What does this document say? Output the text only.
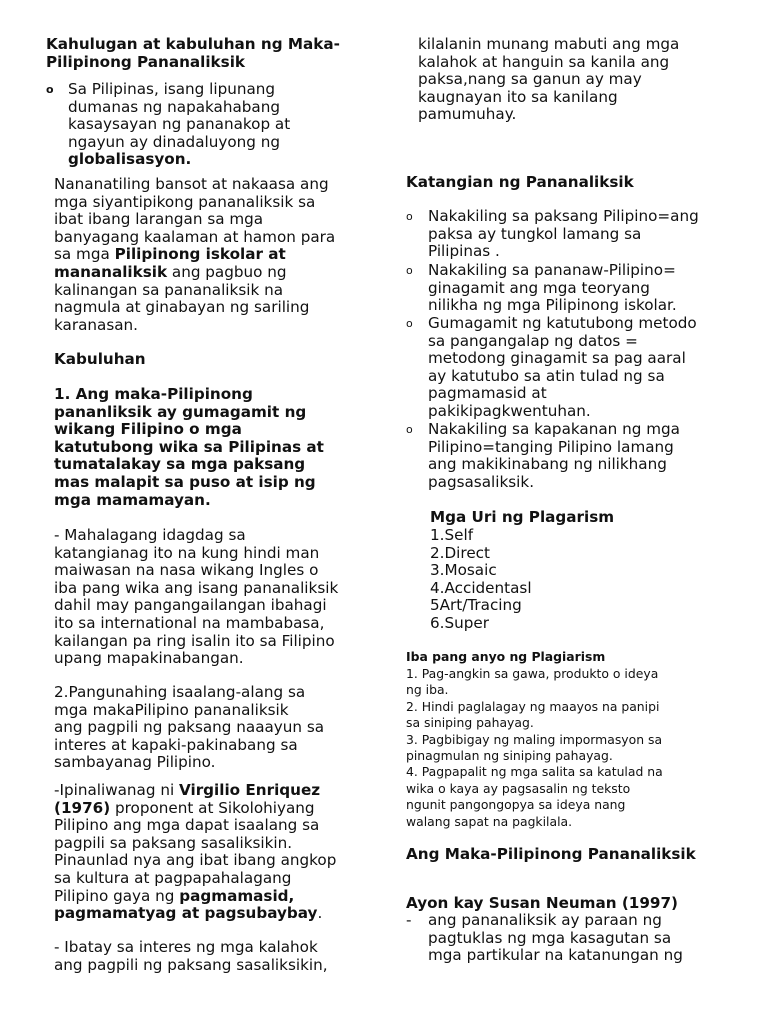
Kahulugan at kabuluhan ng Maka-
Pilipinong Pananaliksik

o Sa Pilipinas, isang lipunang
dumanas ng napakahabang
kasaysayan ng pananakop at
ngayun ay dinadaluyong ng
globalisasyon.

Nananatiling bansot at nakaasa ang
mga siyantipikong pananaliksik sa
ibat ibang larangan sa mga
banyagang kaalaman at hamon para
sa mga Pilipinong iskolar at
mananaliksik ang pagbuo ng
kalinangan sa pananaliksik na
nagmula at ginabayan ng sariling
karanasan.

Kabuluhan

1. Ang maka-Pilipinong
pananliksik ay gumagamit ng
wikang Filipino o mga
katutubong wika sa Pilipinas at
tumatalakay sa mga paksang
mas malapit sa puso at isip ng
mga mamamayan.

- Mahalagang idagdag sa
katangianag ito na kung hindi man
maiwasan na nasa wikang Ingles o
iba pang wika ang isang pananaliksik
dahil may pangangailangan ibahagi
ito sa international na mambabasa,
kailangan pa ring isalin ito sa Filipino
upang mapakinabangan.

2.Pangunahing isaalang-alang sa
mga makaPilipino pananaliksik
ang pagpili ng paksang naaayun sa
interes at kapaki-pakinabang sa
sambayanag Pilipino.

-Ipinaliwanag ni Virgilio Enriquez
(1976) proponent at Sikolohiyang
Pilipino ang mga dapat isaalang sa
pagpili sa paksang sasaliksikin.
Pinaunlad nya ang ibat ibang angkop
sa kultura at pagpapahalagang
Pilipino gaya ng pagmamasid,
pagmamatyag at pagsubaybay.

- Ibatay sa interes ng mga kalahok
ang pagpili ng paksang sasaliksikin,

kilalanin munang mabuti ang mga
kalahok at hanguin sa kanila ang
paksa,nang sa ganun ay may
kaugnayan ito sa kanilang
pamumuhay.

Katangian ng Pananaliksik

o	Nakakiling sa paksang Pilipino=ang
paksa ay tungkol lamang sa
Pilipinas .
o	Nakakiling sa pananaw-Pilipino=
ginagamit ang mga teoryang
nilikha ng mga Pilipinong iskolar.
o	Gumagamit ng katutubong metodo
sa pangangalap ng datos =
metodong ginagamit sa pag aaral
ay katutubo sa atin tulad ng sa
pagmamasid at
pakikipagkwentuhan.
o	Nakakiling sa kapakanan ng mga
Pilipino=tanging Pilipino lamang
ang makikinabang ng nilikhang
pagsasaliksik.

Mga Uri ng Plagarism

1.Self
2.Direct
3.Mosaic
4.Accidentasl
5Art/Tracing
6.Super

Iba pang anyo ng Plagiarism

1. Pag-angkin sa gawa, produkto o ideya
ng iba.
2. Hindi paglalagay ng maayos na panipi
sa siniping pahayag.
3. Pagbibigay ng maling impormasyon sa
pinagmulan ng siniping pahayag.
4. Pagpapalit ng mga salita sa katulad na
wika o kaya ay pagsasalin ng teksto
ngunit pangongopya sa ideya nang
walang sapat na pagkilala.

Ang Maka-Pilipinong Pananaliksik

Ayon kay Susan Neuman (1997)

-	ang pananaliksik ay paraan ng
pagtuklas ng mga kasagutan sa
mga partikular na katanungan ng
